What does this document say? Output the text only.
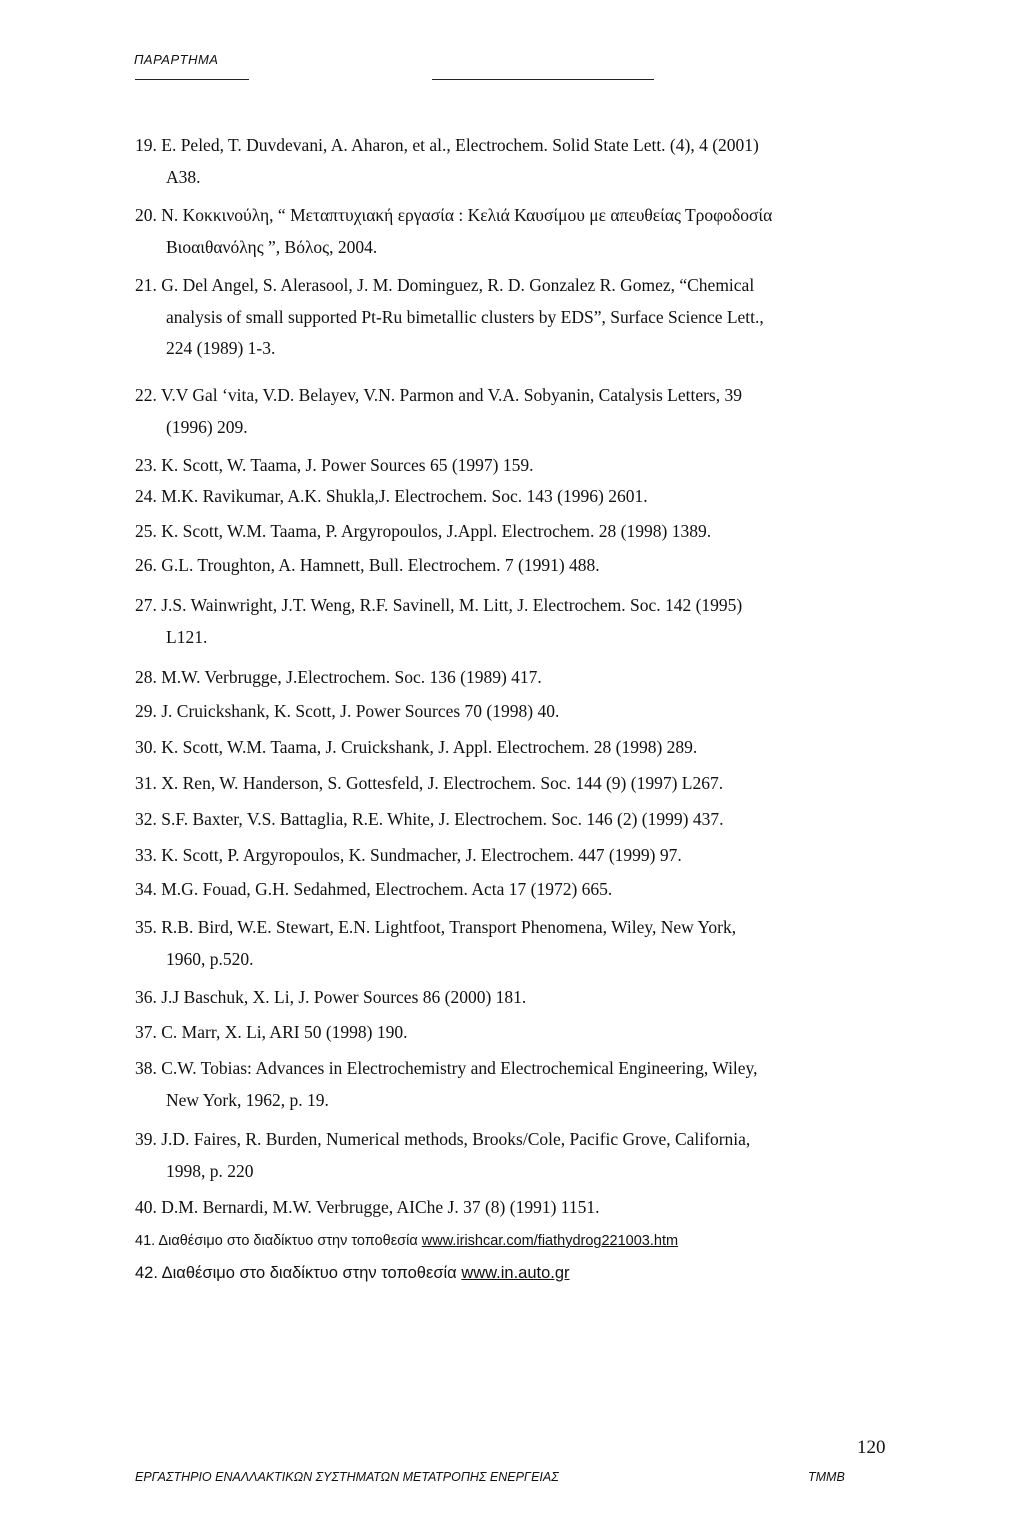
ΠΑΡΑΡΤΗΜΑ
19. E. Peled, T. Duvdevani, A. Aharon, et al., Electrochem. Solid State Lett. (4), 4 (2001)
A38.
20. N. Κοκκινούλη, “ Μεταπτυχιακή εργασία : Κελιά Καυσίμου με απευθείας Τροφοδοσία
Βιοαιθανόλης ”, Βόλος, 2004.
21. G. Del Angel, S. Alerasool, J. M. Dominguez, R. D. Gonzalez R. Gomez, “Chemical
analysis of small supported Pt-Ru bimetallic clusters by EDS”, Surface Science Lett.,
224 (1989) 1-3.
22. V.V Gal ‘vita, V.D. Belayev, V.N. Parmon and V.A. Sobyanin, Catalysis Letters, 39
(1996) 209.
23. K. Scott, W. Taama, J. Power Sources 65 (1997) 159.
24. M.K. Ravikumar, A.K. Shukla,J. Electrochem. Soc. 143 (1996) 2601.
25. K. Scott, W.M. Taama, P. Argyropoulos, J.Appl. Electrochem. 28 (1998) 1389.
26. G.L. Troughton, A. Hamnett, Bull. Electrochem. 7 (1991) 488.
27. J.S. Wainwright, J.T. Weng, R.F. Savinell, M. Litt, J. Electrochem. Soc. 142 (1995)
L121.
28. M.W. Verbrugge, J.Electrochem. Soc. 136 (1989) 417.
29. J. Cruickshank, K. Scott, J. Power Sources 70 (1998) 40.
30. K. Scott, W.M. Taama, J. Cruickshank, J. Appl. Electrochem. 28 (1998) 289.
31. X. Ren, W. Handerson, S. Gottesfeld, J. Electrochem. Soc. 144 (9) (1997) L267.
32. S.F. Baxter, V.S. Battaglia, R.E. White, J. Electrochem. Soc. 146 (2) (1999) 437.
33. K. Scott, P. Argyropoulos, K. Sundmacher, J. Electrochem. 447 (1999) 97.
34. M.G. Fouad, G.H. Sedahmed, Electrochem. Acta 17 (1972) 665.
35. R.B. Bird, W.E. Stewart, E.N. Lightfoot, Transport Phenomena, Wiley, New York,
1960, p.520.
36. J.J Baschuk, X. Li, J. Power Sources 86 (2000) 181.
37. C. Marr, X. Li, ARI 50 (1998) 190.
38. C.W. Tobias: Advances in Electrochemistry and Electrochemical Engineering, Wiley,
New York, 1962, p. 19.
39. J.D. Faires, R. Burden, Numerical methods, Brooks/Cole, Pacific Grove, California,
1998, p. 220
40. D.M. Bernardi, M.W. Verbrugge, AIChe J. 37 (8) (1991) 1151.
41. Διαθέσιμο στο διαδίκτυο στην τοποθεσία www.irishcar.com/fiathydrog221003.htm
42. Διαθέσιμο στο διαδίκτυο στην τοποθεσία www.in.auto.gr
120
ΕΡΓΑΣΤΗΡΙΟ ΕΝΑΛΛΑΚΤΙΚΩΝ ΣΥΣΤΗΜΑΤΩΝ ΜΕΤΑΤΡΟΠΗΣ ΕΝΕΡΓΕΙΑΣ	ΤΜΜΒ
